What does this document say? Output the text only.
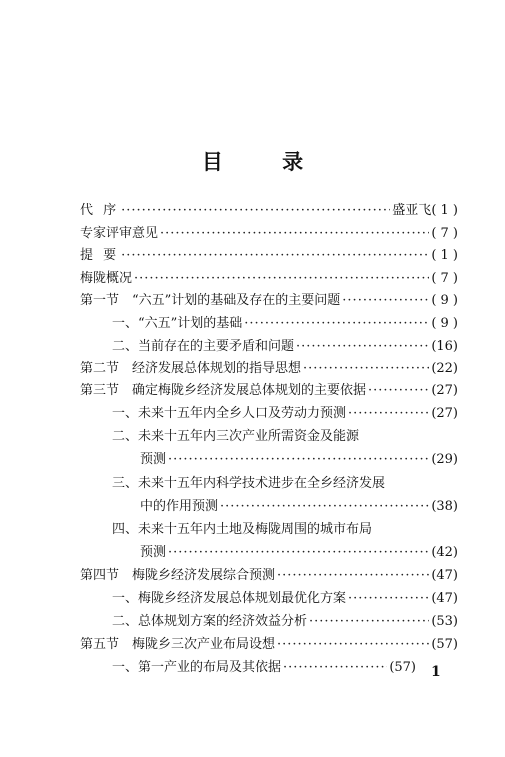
目 录
代 序 ·····	盛亚飞 ( 1 )
专家评审意见 ·····	( 7 )
提 要 ·····	( 1 )
梅陇概况 ·····	( 7 )
第一节　“六五”计划的基础及存在的主要问题 ·····	( 9 )
一、“六五”计划的基础 ·····	( 9 )
二、当前存在的主要矛盾和问题 ·····	(16)
第二节　经济发展总体规划的指导思想 ·····	(22)
第三节　确定梅陇乡经济发展总体规划的主要依据 ·····	(27)
一、未来十五年内全乡人口及劳动力预测 ·····	(27)
二、未来十五年内三次产业所需资金及能源
预测 ·····	(29)
三、未来十五年内科学技术进步在全乡经济发展
中的作用预测 ·····	(38)
四、未来十五年内土地及梅陇周围的城市布局
预测 ·····	(42)
第四节　梅陇乡经济发展综合预测 ·····	(47)
一、梅陇乡经济发展总体规划最优化方案 ·····	(47)
二、总体规划方案的经济效益分析 ·····	(53)
第五节　梅陇乡三次产业布局设想 ·····	(57)
一、第一产业的布局及其依据 ·····	(57) 1
